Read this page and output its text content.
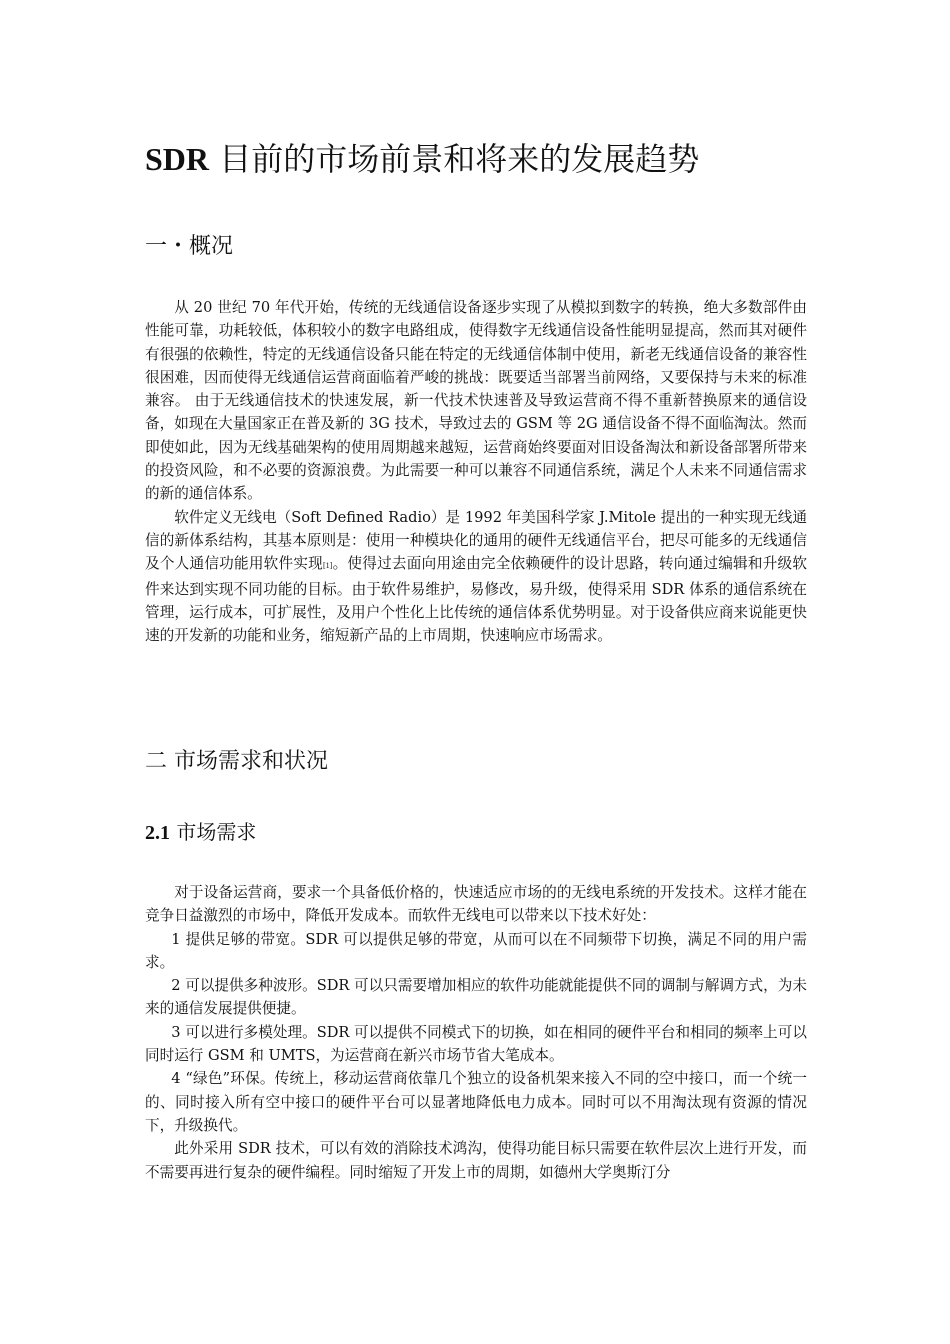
SDR 目前的市场前景和将来的发展趋势
一・概况

从 20 世纪 70 年代开始，传统的无线通信设备逐步实现了从模拟到数字的转换，绝大多数部件由性能可靠，功耗较低，体积较小的数字电路组成，使得数字无线通信设备性能明显提高，然而其对硬件有很强的依赖性，特定的无线通信设备只能在特定的无线通信体制中使用，新老无线通信设备的兼容性很困难，因而使得无线通信运营商面临着严峻的挑战：既要适当部署当前网络，又要保持与未来的标准兼容。 由于无线通信技术的快速发展，新一代技术快速普及导致运营商不得不重新替换原来的通信设备，如现在大量国家正在普及新的 3G 技术，导致过去的 GSM 等 2G 通信设备不得不面临淘汰。然而即使如此，因为无线基础架构的使用周期越来越短，运营商始终要面对旧设备淘汰和新设备部署所带来的投资风险，和不必要的资源浪费。为此需要一种可以兼容不同通信系统，满足个人未来不同通信需求的新的通信体系。

软件定义无线电（Soft Defined Radio）是 1992 年美国科学家 J.Mitole 提出的一种实现无线通信的新体系结构，其基本原则是：使用一种模块化的通用的硬件无线通信平台，把尽可能多的无线通信及个人通信功能用软件实现[1]。使得过去面向用途由完全依赖硬件的设计思路，转向通过编辑和升级软件来达到实现不同功能的目标。由于软件易维护，易修改，易升级，使得采用 SDR 体系的通信系统在管理，运行成本，可扩展性，及用户个性化上比传统的通信体系优势明显。对于设备供应商来说能更快速的开发新的功能和业务，缩短新产品的上市周期，快速响应市场需求。

二 市场需求和状况
2.1 市场需求

对于设备运营商，要求一个具备低价格的，快速适应市场的的无线电系统的开发技术。这样才能在竞争日益激烈的市场中，降低开发成本。而软件无线电可以带来以下技术好处：

1 提供足够的带宽。SDR 可以提供足够的带宽，从而可以在不同频带下切换，满足不同的用户需求。

2 可以提供多种波形。SDR 可以只需要增加相应的软件功能就能提供不同的调制与解调方式，为未来的通信发展提供便捷。

3 可以进行多模处理。SDR 可以提供不同模式下的切换，如在相同的硬件平台和相同的频率上可以同时运行 GSM 和 UMTS，为运营商在新兴市场节省大笔成本。

4 “绿色”环保。传统上，移动运营商依靠几个独立的设备机架来接入不同的空中接口，而一个统一的、同时接入所有空中接口的硬件平台可以显著地降低电力成本。同时可以不用淘汰现有资源的情况下，升级换代。

此外采用 SDR 技术，可以有效的消除技术鸿沟，使得功能目标只需要在软件层次上进行开发，而不需要再进行复杂的硬件编程。同时缩短了开发上市的周期，如德州大学奥斯汀分
